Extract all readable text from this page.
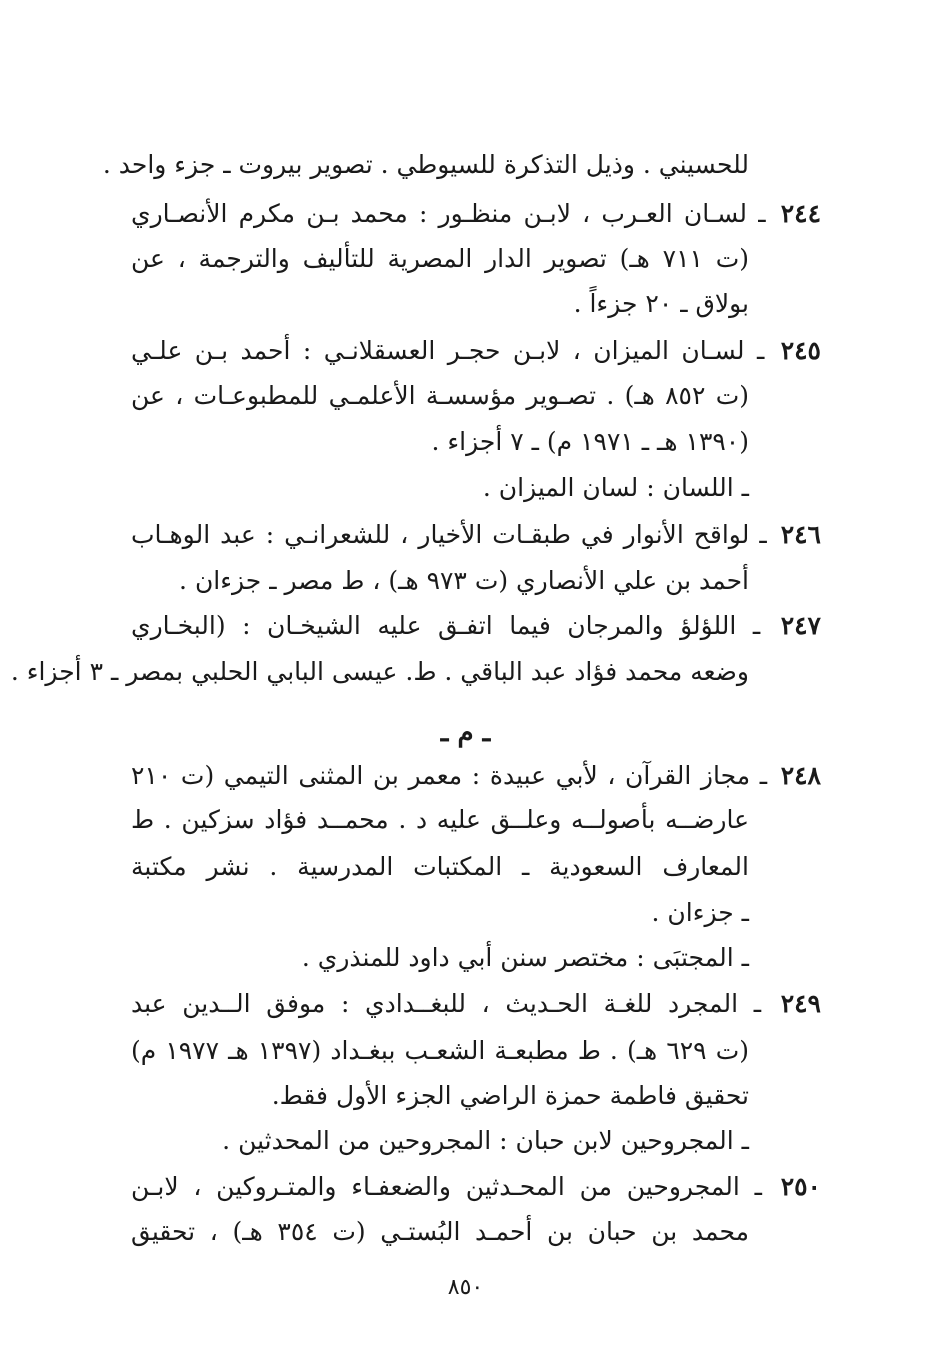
للحسيني . وذيل التذكرة للسيوطي . تصوير بيروت ـ جزء واحد .
٢٤٤ ـ لسـان العـرب ، لابـن منظـور : محمد بـن مكرم الأنصـاري
(ت ٧١١ هـ) تصوير الدار المصرية للتأليف والترجمة ، عن
بولاق ـ ٢٠ جزءاً .
٢٤٥ ـ لسـان الميزان ، لابـن حجـر العسقلانـي : أحمد بـن علـي
(ت ٨٥٢ هـ) . تصـوير مؤسسـة الأعلمـي للمطبوعـات ، عن
(١٣٩٠ هـ ـ ١٩٧١ م) ـ ٧ أجزاء .
ـ اللسان : لسان الميزان .
٢٤٦ ـ لواقح الأنوار في طبقـات الأخيار ، للشعرانـي : عبد الوهـاب
أحمد بن علي الأنصاري (ت ٩٧٣ هـ) ، ط مصر ـ جزءان .
٢٤٧ ـ اللؤلؤ والمرجان فيما اتفـق عليه الشيخـان : (البخـاري
وضعه محمد فؤاد عبد الباقي . ط. عيسى البابي الحلبي بمصر ـ ٣ أجزاء .
ـ م ـ
٢٤٨ ـ مجاز القرآن ، لأبي عبيدة : معمر بن المثنى التيمي (ت ٢١٠
عارضــه بأصولــه وعلــق عليه د . محمــد فؤاد سزكين . ط
المعارف السعودية ـ المكتبات المدرسية . نشر مكتبة
ـ جزءان .
ـ المجتبَى : مختصر سنن أبي داود للمنذري .
٢٤٩ ـ المجرد للغـة الحـديث ، للبغــدادي : موفق الــدين عبد
(ت ٦٢٩ هـ) . ط مطبعـة الشعـب ببغـداد (١٣٩٧ هـ ١٩٧٧ م)
تحقيق فاطمة حمزة الراضي الجزء الأول فقط.
ـ المجروحين لابن حبان : المجروحين من المحدثين .
٢٥٠ ـ المجروحين من المحـدثين والضعفـاء والمتـروكين ، لابـن
محمد بن حبان بن أحمـد البُستـي (ت ٣٥٤ هـ) ، تحقيق
٨٥٠
